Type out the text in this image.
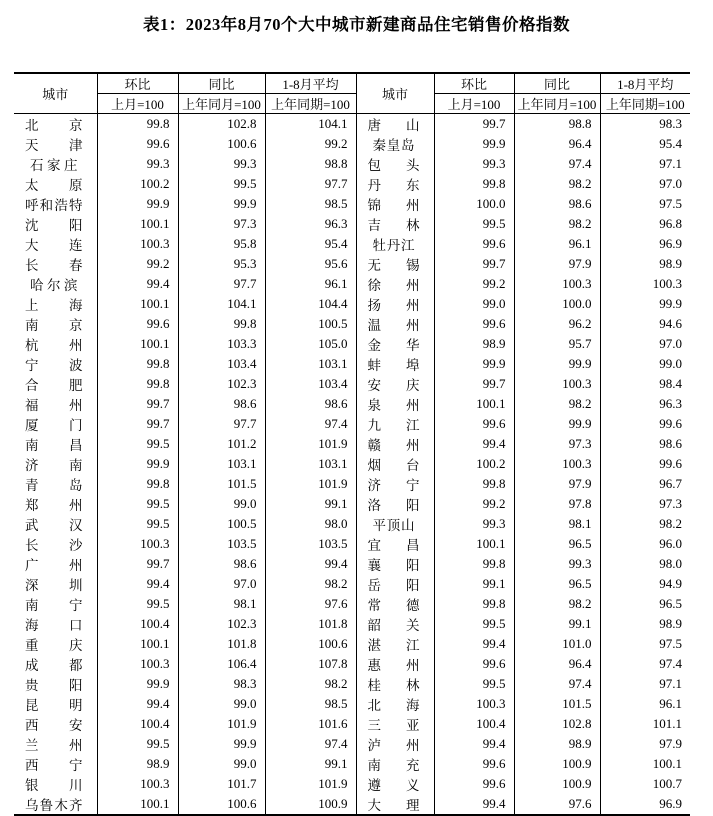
表1：2023年8月70个大中城市新建商品住宅销售价格指数
城市	环比	同比	1-8月平均	城市	环比	同比	1-8月平均
	上月=100	上年同月=100	上年同期=100		上月=100	上年同月=100	上年同期=100

北京	99.8	102.8	104.1	唐山	99.7	98.8	98.3

天津	99.6	100.6	99.2	秦皇岛	99.9	96.4	95.4

石家庄	99.3	99.3	98.8	包头	99.3	97.4	97.1

太原	100.2	99.5	97.7	丹东	99.8	98.2	97.0

呼和浩特	99.9	99.9	98.5	锦州	100.0	98.6	97.5

沈阳	100.1	97.3	96.3	吉林	99.5	98.2	96.8

大连	100.3	95.8	95.4	牡丹江	99.6	96.1	96.9

长春	99.2	95.3	95.6	无锡	99.7	97.9	98.9

哈尔滨	99.4	97.7	96.1	徐州	99.2	100.3	100.3

上海	100.1	104.1	104.4	扬州	99.0	100.0	99.9

南京	99.6	99.8	100.5	温州	99.6	96.2	94.6

杭州	100.1	103.3	105.0	金华	98.9	95.7	97.0

宁波	99.8	103.4	103.1	蚌埠	99.9	99.9	99.0

合肥	99.8	102.3	103.4	安庆	99.7	100.3	98.4

福州	99.7	98.6	98.6	泉州	100.1	98.2	96.3

厦门	99.7	97.7	97.4	九江	99.6	99.9	99.6

南昌	99.5	101.2	101.9	赣州	99.4	97.3	98.6

济南	99.9	103.1	103.1	烟台	100.2	100.3	99.6

青岛	99.8	101.5	101.9	济宁	99.8	97.9	96.7

郑州	99.5	99.0	99.1	洛阳	99.2	97.8	97.3

武汉	99.5	100.5	98.0	平顶山	99.3	98.1	98.2

长沙	100.3	103.5	103.5	宜昌	100.1	96.5	96.0

广州	99.7	98.6	99.4	襄阳	99.8	99.3	98.0

深圳	99.4	97.0	98.2	岳阳	99.1	96.5	94.9

南宁	99.5	98.1	97.6	常德	99.8	98.2	96.5

海口	100.4	102.3	101.8	韶关	99.5	99.1	98.9

重庆	100.1	101.8	100.6	湛江	99.4	101.0	97.5

成都	100.3	106.4	107.8	惠州	99.6	96.4	97.4

贵阳	99.9	98.3	98.2	桂林	99.5	97.4	97.1

昆明	99.4	99.0	98.5	北海	100.3	101.5	96.1

西安	100.4	101.9	101.6	三亚	100.4	102.8	101.1

兰州	99.5	99.9	97.4	泸州	99.4	98.9	97.9

西宁	98.9	99.0	99.1	南充	99.6	100.9	100.1

银川	100.3	101.7	101.9	遵义	99.6	100.9	100.7

乌鲁木齐	100.1	100.6	100.9	大理	99.4	97.6	96.9
